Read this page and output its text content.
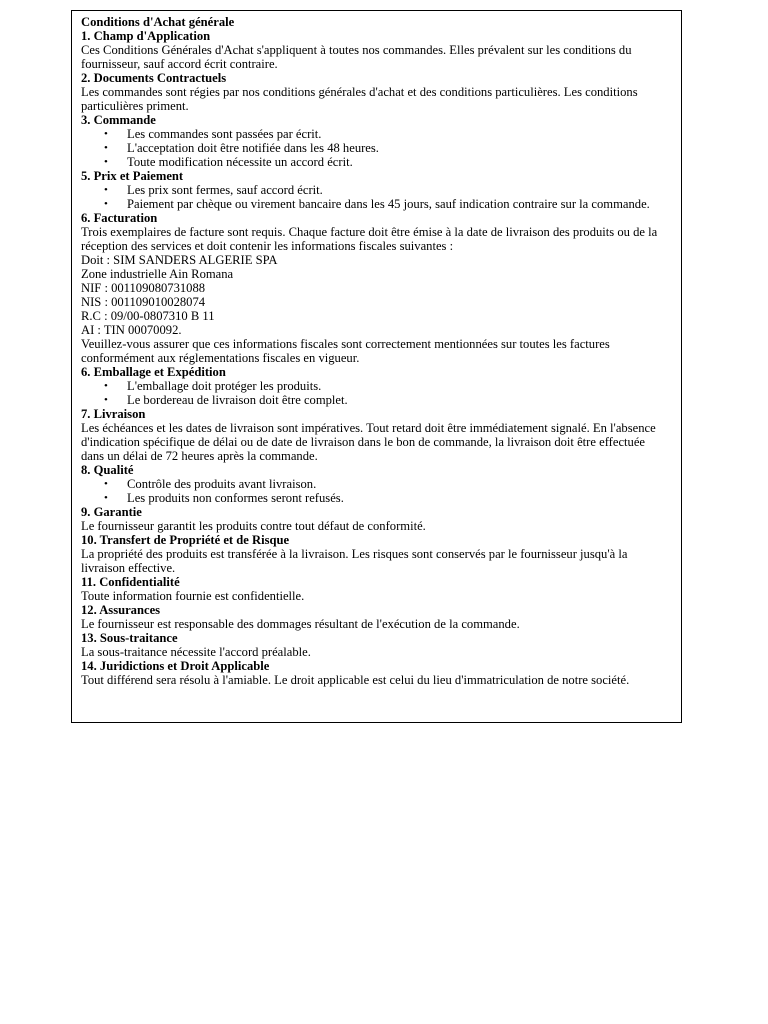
Conditions d'Achat générale

1. Champ d'Application

Ces Conditions Générales d'Achat s'appliquent à toutes nos commandes. Elles prévalent sur les conditions du fournisseur, sauf accord écrit contraire.

2. Documents Contractuels

Les commandes sont régies par nos conditions générales d'achat et des conditions particulières. Les conditions particulières priment.

3. Commande

• Les commandes sont passées par écrit.
• L'acceptation doit être notifiée dans les 48 heures.
• Toute modification nécessite un accord écrit.

5. Prix et Paiement

• Les prix sont fermes, sauf accord écrit.
• Paiement par chèque ou virement bancaire dans les 45 jours, sauf indication contraire sur la commande.

6. Facturation

Trois exemplaires de facture sont requis. Chaque facture doit être émise à la date de livraison des produits ou de la réception des services et doit contenir les informations fiscales suivantes :

Doit : SIM SANDERS ALGERIE SPA

Zone industrielle Ain Romana

NIF : 001109080731088

NIS : 001109010028074

R.C : 09/00-0807310 B 11

AI : TIN 00070092.

Veuillez-vous assurer que ces informations fiscales sont correctement mentionnées sur toutes les factures conformément aux réglementations fiscales en vigueur.

6. Emballage et Expédition

• L'emballage doit protéger les produits.
• Le bordereau de livraison doit être complet.

7. Livraison

Les échéances et les dates de livraison sont impératives. Tout retard doit être immédiatement signalé. En l'absence d'indication spécifique de délai ou de date de livraison dans le bon de commande, la livraison doit être effectuée dans un délai de 72 heures après la commande.

8. Qualité

• Contrôle des produits avant livraison.
• Les produits non conformes seront refusés.

9. Garantie

Le fournisseur garantit les produits contre tout défaut de conformité.

10. Transfert de Propriété et de Risque

La propriété des produits est transférée à la livraison. Les risques sont conservés par le fournisseur jusqu'à la livraison effective.

11. Confidentialité

Toute information fournie est confidentielle.

12. Assurances

Le fournisseur est responsable des dommages résultant de l'exécution de la commande.

13. Sous-traitance

La sous-traitance nécessite l'accord préalable.

14. Juridictions et Droit Applicable

Tout différend sera résolu à l'amiable. Le droit applicable est celui du lieu d'immatriculation de notre société.
